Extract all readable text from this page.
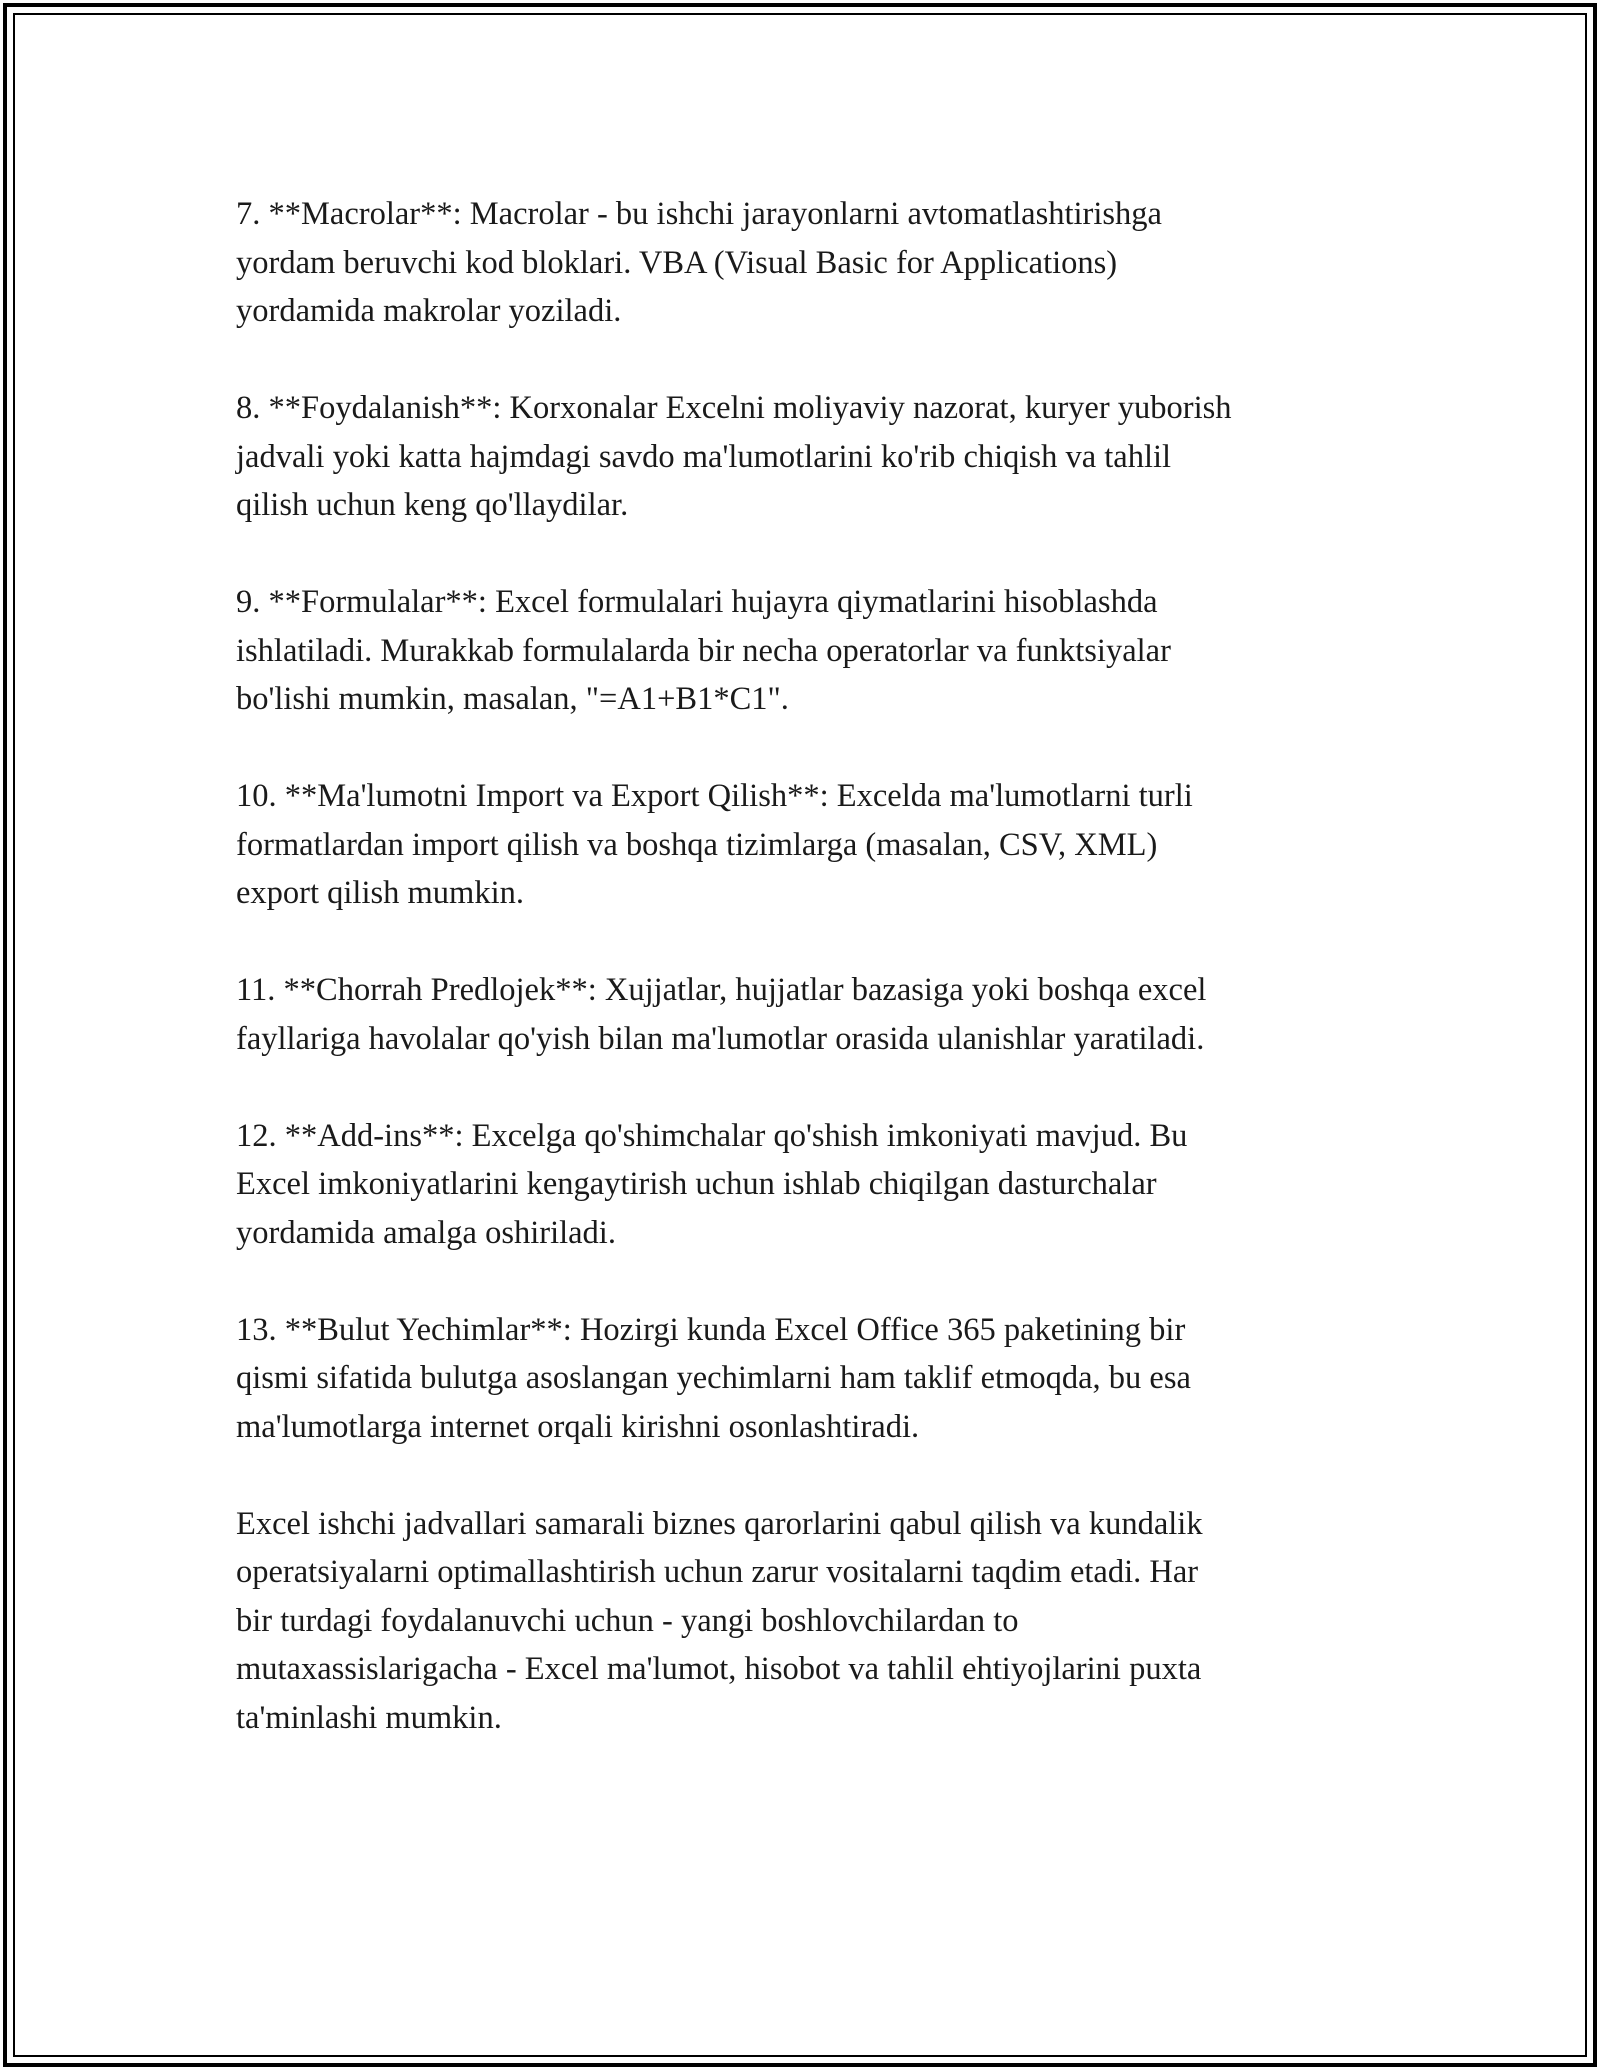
7. **Macrolar**: Macrolar - bu ishchi jarayonlarni avtomatlashtirishga
yordam beruvchi kod bloklari. VBA (Visual Basic for Applications)
yordamida makrolar yoziladi.

8. **Foydalanish**: Korxonalar Excelni moliyaviy nazorat, kuryer yuborish
jadvali yoki katta hajmdagi savdo ma'lumotlarini ko'rib chiqish va tahlil
qilish uchun keng qo'llaydilar.

9. **Formulalar**: Excel formulalari hujayra qiymatlarini hisoblashda
ishlatiladi. Murakkab formulalarda bir necha operatorlar va funktsiyalar
bo'lishi mumkin, masalan, "=A1+B1*C1".

10. **Ma'lumotni Import va Export Qilish**: Excelda ma'lumotlarni turli
formatlardan import qilish va boshqa tizimlarga (masalan, CSV, XML)
export qilish mumkin.

11. **Chorrah Predlojek**: Xujjatlar, hujjatlar bazasiga yoki boshqa excel
fayllariga havolalar qo'yish bilan ma'lumotlar orasida ulanishlar yaratiladi.

12. **Add-ins**: Excelga qo'shimchalar qo'shish imkoniyati mavjud. Bu
Excel imkoniyatlarini kengaytirish uchun ishlab chiqilgan dasturchalar
yordamida amalga oshiriladi.

13. **Bulut Yechimlar**: Hozirgi kunda Excel Office 365 paketining bir
qismi sifatida bulutga asoslangan yechimlarni ham taklif etmoqda, bu esa
ma'lumotlarga internet orqali kirishni osonlashtiradi.

Excel ishchi jadvallari samarali biznes qarorlarini qabul qilish va kundalik
operatsiyalarni optimallashtirish uchun zarur vositalarni taqdim etadi. Har
bir turdagi foydalanuvchi uchun - yangi boshlovchilardan to
mutaxassislarigacha - Excel ma'lumot, hisobot va tahlil ehtiyojlarini puxta
ta'minlashi mumkin.
